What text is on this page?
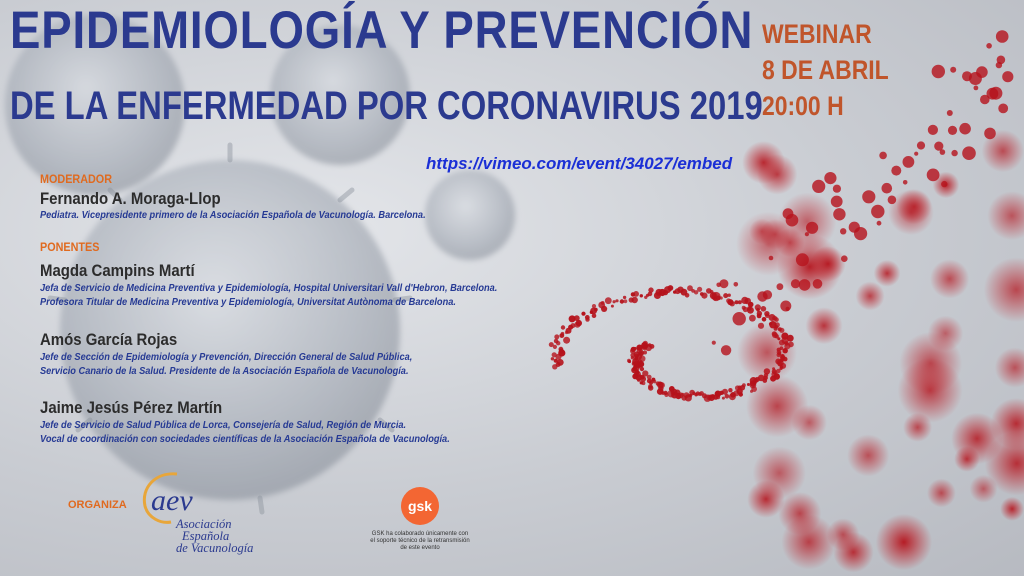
EPIDEMIOLOGÍA Y PREVENCIÓN
DE LA ENFERMEDAD POR CORONAVIRUS 2019
WEBINAR
8 DE ABRIL
20:00 H
https://vimeo.com/event/34027/embed
MODERADOR
Fernando A. Moraga-Llop
Pediatra. Vicepresidente primero de la Asociación Española de Vacunología. Barcelona.
PONENTES
Magda Campins Martí
Jefa de Servicio de Medicina Preventiva y Epidemiología, Hospital Universitari Vall d'Hebron, Barcelona.
Profesora Titular de Medicina Preventiva y Epidemiología, Universitat Autònoma de Barcelona.
Amós García Rojas
Jefe de Sección de Epidemiología y Prevención, Dirección General de Salud Pública,
Servicio Canario de la Salud. Presidente de la Asociación Española de Vacunología.
Jaime Jesús Pérez Martín
Jefe de Servicio de Salud Pública de Lorca, Consejería de Salud, Región de Murcia.
Vocal de coordinación con sociedades científicas de la Asociación Española de Vacunología.
ORGANIZA aev
Asociación
Española
de Vacunología
gsk
GSK ha colaborado únicamente con el soporte técnico de la retransmisión de este evento
